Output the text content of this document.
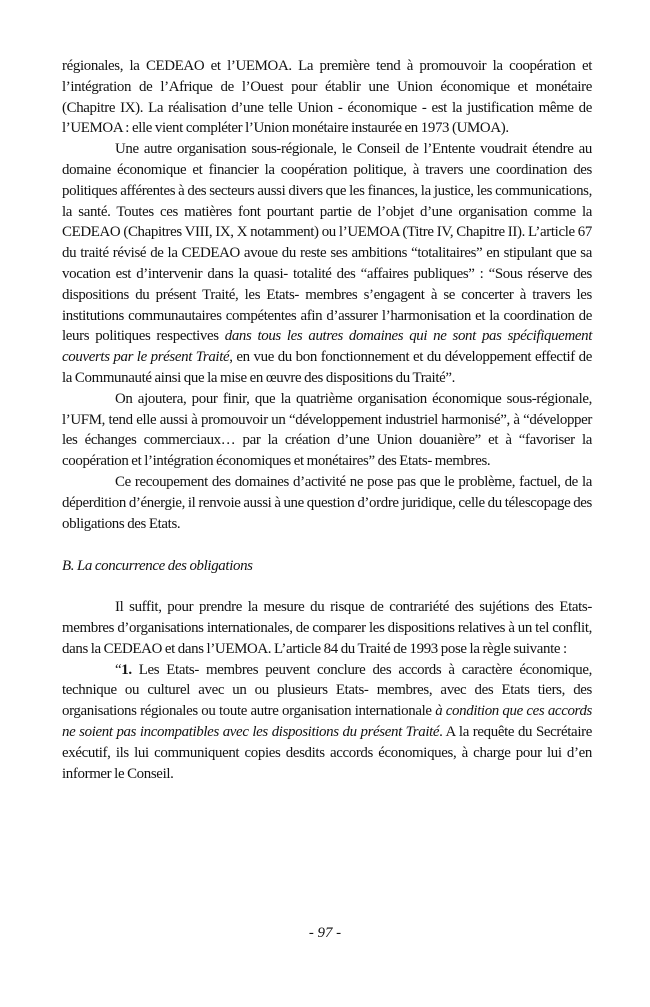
régionales, la CEDEAO et l’UEMOA. La première tend à promouvoir la coopération et l’intégration de l’Afrique de l’Ouest pour établir une Union économique et monétaire (Chapitre IX). La réalisation d’une telle Union - économique - est la justification même de l’UEMOA : elle vient compléter l’Union monétaire instaurée en 1973 (UMOA).

Une autre organisation sous-régionale, le Conseil de l’Entente voudrait étendre au domaine économique et financier la coopération politique, à travers une coordination des politiques afférentes à des secteurs aussi divers que les finances, la justice, les communications, la santé. Toutes ces matières font pourtant partie de l’objet d’une organisation comme la CEDEAO (Chapitres VIII, IX, X notamment) ou l’UEMOA (Titre IV, Chapitre II). L’article 67 du traité révisé de la CEDEAO avoue du reste ses ambitions “totalitaires” en stipulant que sa vocation est d’intervenir dans la quasi- totalité des “affaires publiques” : “Sous réserve des dispositions du présent Traité, les Etats- membres s’engagent à se concerter à travers les institutions communautaires compétentes afin d’assurer l’harmonisation et la coordination de leurs politiques respectives dans tous les autres domaines qui ne sont pas spécifiquement couverts par le présent Traité, en vue du bon fonctionnement et du développement effectif de la Communauté ainsi que la mise en œuvre des dispositions du Traité”.

On ajoutera, pour finir, que la quatrième organisation économique sous-régionale, l’UFM, tend elle aussi à promouvoir un “développement industriel harmonisé”, à “développer les échanges commerciaux… par la création d’une Union douanière” et à “favoriser la coopération et l’intégration économiques et monétaires” des Etats- membres.

Ce recoupement des domaines d’activité ne pose pas que le problème, factuel, de la déperdition d’énergie, il renvoie aussi à une question d’ordre juridique, celle du télescopage des obligations des Etats.

B. La concurrence des obligations

Il suffit, pour prendre la mesure du risque de contrariété des sujétions des Etats- membres d’organisations internationales, de comparer les dispositions relatives à un tel conflit, dans la CEDEAO et dans l’UEMOA. L’article 84 du Traité de 1993 pose la règle suivante :

“1. Les Etats- membres peuvent conclure des accords à caractère économique, technique ou culturel avec un ou plusieurs Etats- membres, avec des Etats tiers, des organisations régionales ou toute autre organisation internationale à condition que ces accords ne soient pas incompatibles avec les dispositions du présent Traité. A la requête du Secrétaire exécutif, ils lui communiquent copies desdits accords économiques, à charge pour lui d’en informer le Conseil.

- 97 -
